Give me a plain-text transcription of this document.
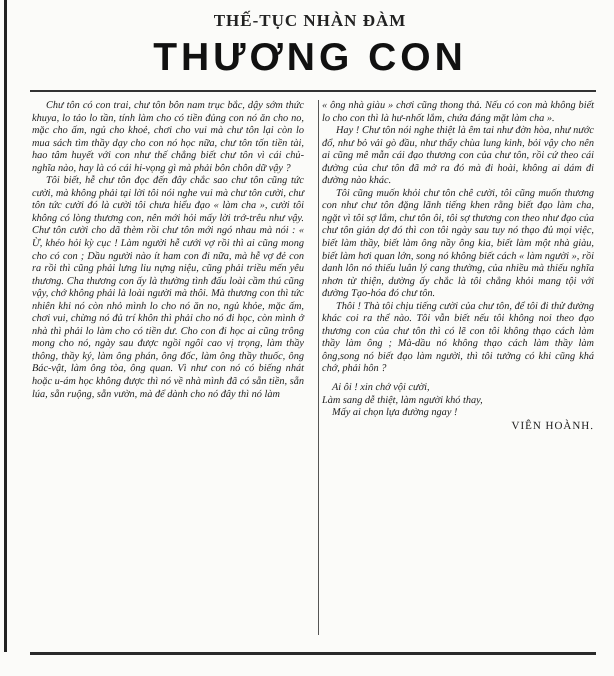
THẾ-TỤC NHÀN ĐÀM

THƯƠNG CON

Chư tôn có con trai, chư tôn bôn nam trục bắc, dậy sớm thức khuya, lo tảo lo tần, tính làm cho có tiền đủng con nó ăn cho no, mặc cho ấm, ngủ cho khoẻ, chơi cho vui mà chư tôn lại còn lo mua sách tìm thầy dạy cho con nó học nữa, chư tôn tốn tiền tài, hao tâm huyết với con như thế chẳng biết chư tôn vì cái chủ-nghĩa nào, hay là có cái hi-vọng gì mà phải bôn chôn dữ vậy ?

Tôi biết, hễ chư tôn đọc đến đây chắc sao chư tôn cũng tức cười, mà không phải tại lời tôi nói nghe vui mà chư tôn cười, chư tôn tức cười đó là cười tôi chưa hiểu đạo « làm cha », cười tôi không có lòng thương con, nên mới hỏi mấy lời trớ-trêu như vậy. Chư tôn cười cho dã thèm rồi chư tôn mới ngó nhau mà nói : « Ừ, khéo hỏi kỳ cục ! Làm người hễ cưới vợ rồi thì ai cũng mong cho có con ; Dầu người nào ít ham con đi nữa, mà hễ vợ đẻ con ra rồi thì cũng phải lưng liu nựng niệu, cũng phải triều mến yêu thương. Cha thương con ấy là thường tình đấu loài cầm thú cũng vậy, chớ không phải là loài người mà thôi. Mà thương con thì tức nhiên khi nó còn nhỏ mình lo cho nó ăn no, ngủ khỏe, mặc ấm, chơi vui, chừng nó đủ trí khôn thì phải cho nó đi học, còn mình ở nhà thì phải lo làm cho có tiền dư. Cho con đi học ai cũng trông mong cho nó, ngày sau được ngồi ngôi cao vị trọng, làm thầy thông, thầy ký, làm ông phán, ông đốc, làm ông thầy thuốc, ông Bác-vật, làm ông tòa, ông quan. Vì như con nó có biếng nhát hoặc u-ám học không được thì nó về nhà mình đã có sẵn tiền, sẵn lúa, sẵn ruộng, sẵn vườn, mà để dành cho nó đây thì nó làm

« ông nhà giàu » chơi cũng thong thả. Nếu có con mà không biết lo cho con thì là hư-nhốt lắm, chứa đáng mặt làm cha ».

Hay ! Chư tôn nói nghe thiệt là êm tai như đờn hòa, như nước đổ, như bỏ vải gò đầu, như thẩy chùa lung kinh, bỏi vậy cho nên ai cũng mê mẫn cái đạo thương con của chư tôn, rồi cứ theo cái đường của chư tôn đã mở ra đó mà đi hoài, không ai dám đi đường nào khác.

Tôi cũng muốn khỏi chư tôn chê cười, tôi cũng muốn thương con như chư tôn đặng lãnh tiếng khen rằng biết đạo làm cha, ngặt vì tôi sợ lắm, chư tôn ôi, tôi sợ thương con theo như đạo của chư tôn giản dợ đó thì con tôi ngày sau tuy nó thạo đủ mọi việc, biết làm thầy, biết làm ông nầy ông kia, biết làm một nhà giàu, biết làm hơi quan lớn, song nó không biết cách « làm người », rồi danh lôn nó thiếu luân lý cang thường, của nhiều mà thiếu nghĩa nhơn từ thiện, dường ấy chắc là tôi chẳng khỏi mang tội với đường Tạo-hóa đó chư tôn.

Thôi ! Thà tôi chịu tiếng cười của chư tôn, để tôi đi thử đường khác coi ra thể nào. Tôi vẫn biết nếu tôi không noi theo đạo thương con của chư tôn thì có lẽ con tôi không thạo cách làm thầy làm ông ; Mà-dầu nó không thạo cách làm thầy làm ông,song nó biết đạo làm người, thì tôi tưởng có khi cũng khá chớ, phải hôn ?

Ai ôi ! xin chớ vội cười,

Làm sang dễ thiệt, làm người khó thay,

Mấy ai chọn lựa đường ngay !

VIÊN HOÀNH.
